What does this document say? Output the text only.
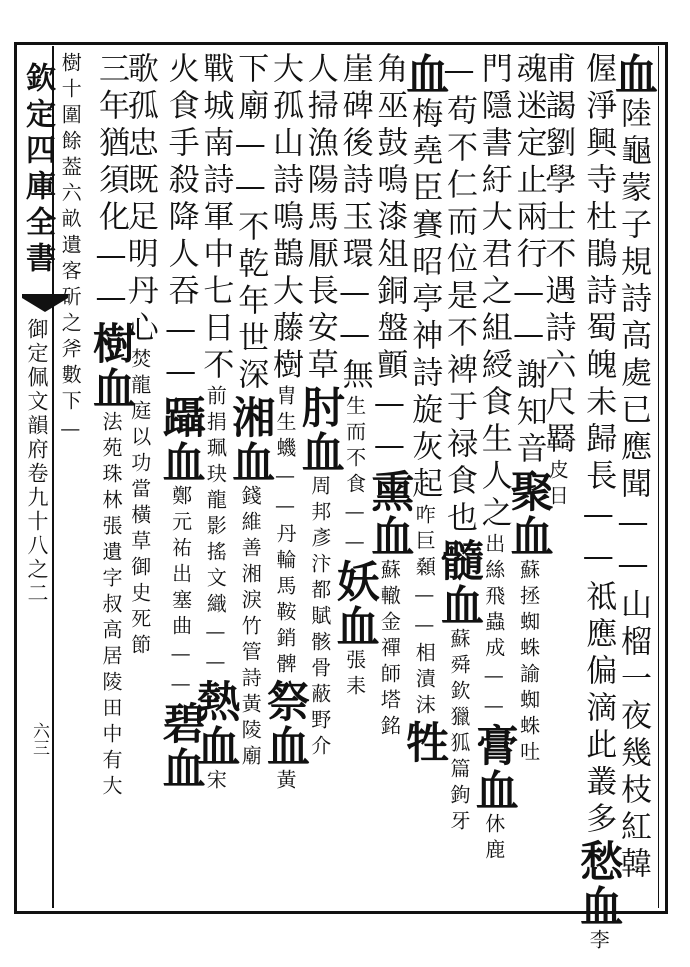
欽定四庫全書
御定佩文韻府卷九十八之二
六三
血陸龜蒙子規詩高處已應聞——山榴一夜幾枝紅韓
偓淨興寺杜鵑詩蜀魄未歸長——祗應偏滴此叢多愁血李
甫謁劉學士不遇詩六尺羇皮日
魂迷定止兩行——謝知音聚血蘇拯蜘蛛諭蜘蛛吐
門隱書紆大君之組綬食生人之出絲飛蟲成——膏血休鹿
—苟不仁而位是不裨于禄食也髓血蘇舜欽獵狐篇鉤牙
血梅堯臣賽昭亭神詩旋灰起咋巨顙——相漬沫牲
角巫鼓鳴漆俎銅盤顫——熏血蘇轍金禪師塔銘
崖碑後詩玉環——無生而不食——妖血張耒
人掃漁陽馬厭長安草肘血周邦彥汴都賦骸骨蔽野介
大孤山詩鳴鵲大藤樹胄生蟣——丹輪馬鞍銷髀祭血黃
下廟——不乾年世深湘血錢維善湘淚竹管詩黃陵廟
戰城南詩軍中七日不前捐珮玦龍影搖文織——熱血宋
火食手殺降人吞——躡血鄭元祐出塞曲——碧血
歌孤忠既足明丹心焚龍庭以功當橫草御史死節
三年猶須化——樹血法苑珠林張遺字叔高居陵田中有大
樹十圍餘葢六畝遺客斫之斧數下—
